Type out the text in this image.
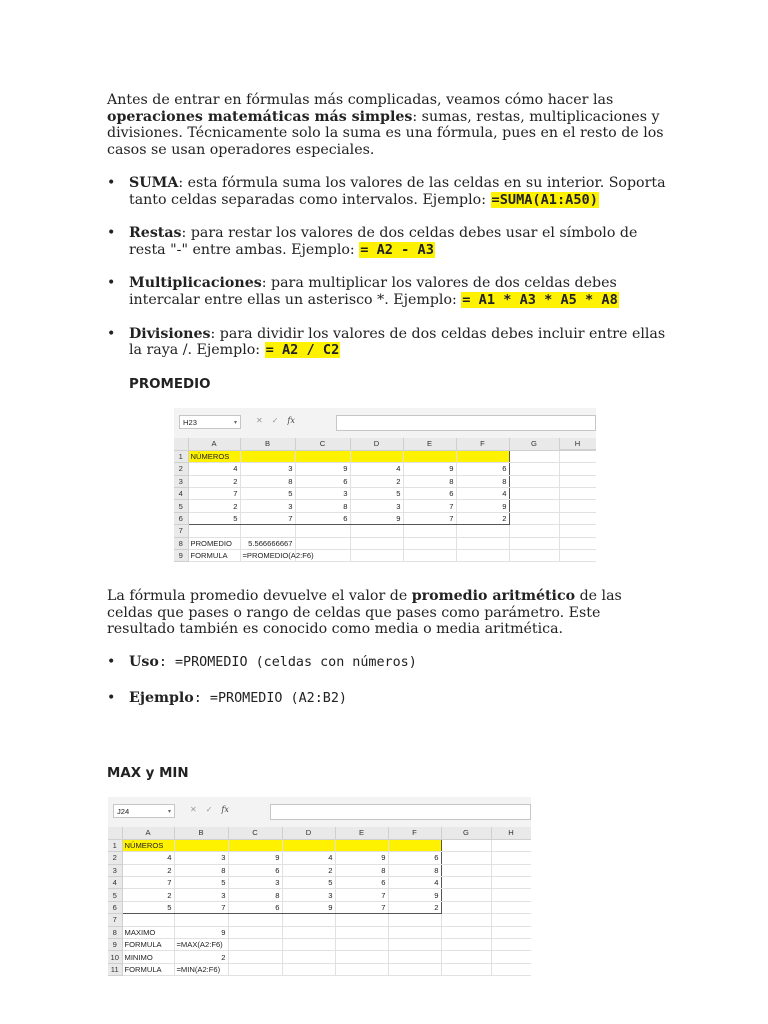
Antes de entrar en fórmulas más complicadas, veamos cómo hacer las operaciones matemáticas más simples: sumas, restas, multiplicaciones y divisiones. Técnicamente solo la suma es una fórmula, pues en el resto de los casos se usan operadores especiales.

• SUMA: esta fórmula suma los valores de las celdas en su interior. Soporta tanto celdas separadas como intervalos. Ejemplo: =SUMA(A1:A50)
• Restas: para restar los valores de dos celdas debes usar el símbolo de resta "-" entre ambas. Ejemplo: = A2 - A3
• Multiplicaciones: para multiplicar los valores de dos celdas debes intercalar entre ellas un asterisco *. Ejemplo: = A1 * A3 * A5 * A8
• Divisiones: para dividir los valores de dos celdas debes incluir entre ellas la raya /. Ejemplo: = A2 / C2

PROMEDIO

H23	▾ ✕✓fx
	A	B	C	D	E	F	G	H
1	NÚMEROS							
2	4	3	9	4	9	6		
3	2	8	6	2	8	8		
4	7	5	3	5	6	4		
5	2	3	8	3	7	9		
6	5	7	6	9	7	2		
7								
8	PROMEDIO	5.566666667						
9	FORMULA	=PROMEDIO(A2:F6)						

La fórmula promedio devuelve el valor de promedio aritmético de las celdas que pases o rango de celdas que pases como parámetro. Este resultado también es conocido como media o media aritmética.

• Uso: =PROMEDIO (celdas con números)
• Ejemplo: =PROMEDIO (A2:B2)

MAX y MIN

J24	▾ ✕✓fx
	A	B	C	D	E	F	G	H
1	NÚMEROS							
2	4	3	9	4	9	6		
3	2	8	6	2	8	8		
4	7	5	3	5	6	4		
5	2	3	8	3	7	9		
6	5	7	6	9	7	2		
7								
8	MAXIMO	9						
9	FORMULA	=MAX(A2:F6)						
10	MINIMO	2						
11	FORMULA	=MIN(A2:F6)						
